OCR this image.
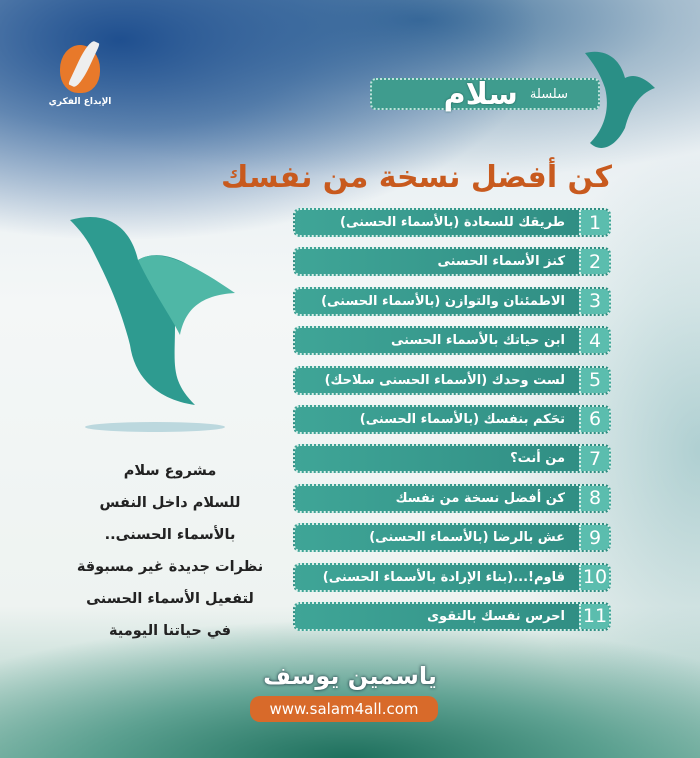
الإبداع الفكري	سلام سلسلة
كن أفضل نسخة من نفسك
1
طريقك للسعادة (بالأسماء الحسنى)
2
كنز الأسماء الحسنى
3
الاطمئنان والتوازن (بالأسماء الحسنى)
4
ابن حياتك بالأسماء الحسنى
5
لست وحدك (الأسماء الحسنى سلاحك)
6
تحَكم بنفسك (بالأسماء الحسنى)
7
من أنت؟
8
كن أفضل نسخة من نفسك
9
عش بالرضا (بالأسماء الحسنى)
10
قاوم!...(بناء الإرادة بالأسماء الحسنى)
11
احرس نفسك بالتقوى
مشروع سلام
للسلام داخل النفس
بالأسماء الحسنى..
نظرات جديدة غير مسبوقة
لتفعيل الأسماء الحسنى
في حياتنا اليومية
ياسمين يوسف
www.salam4all.com
